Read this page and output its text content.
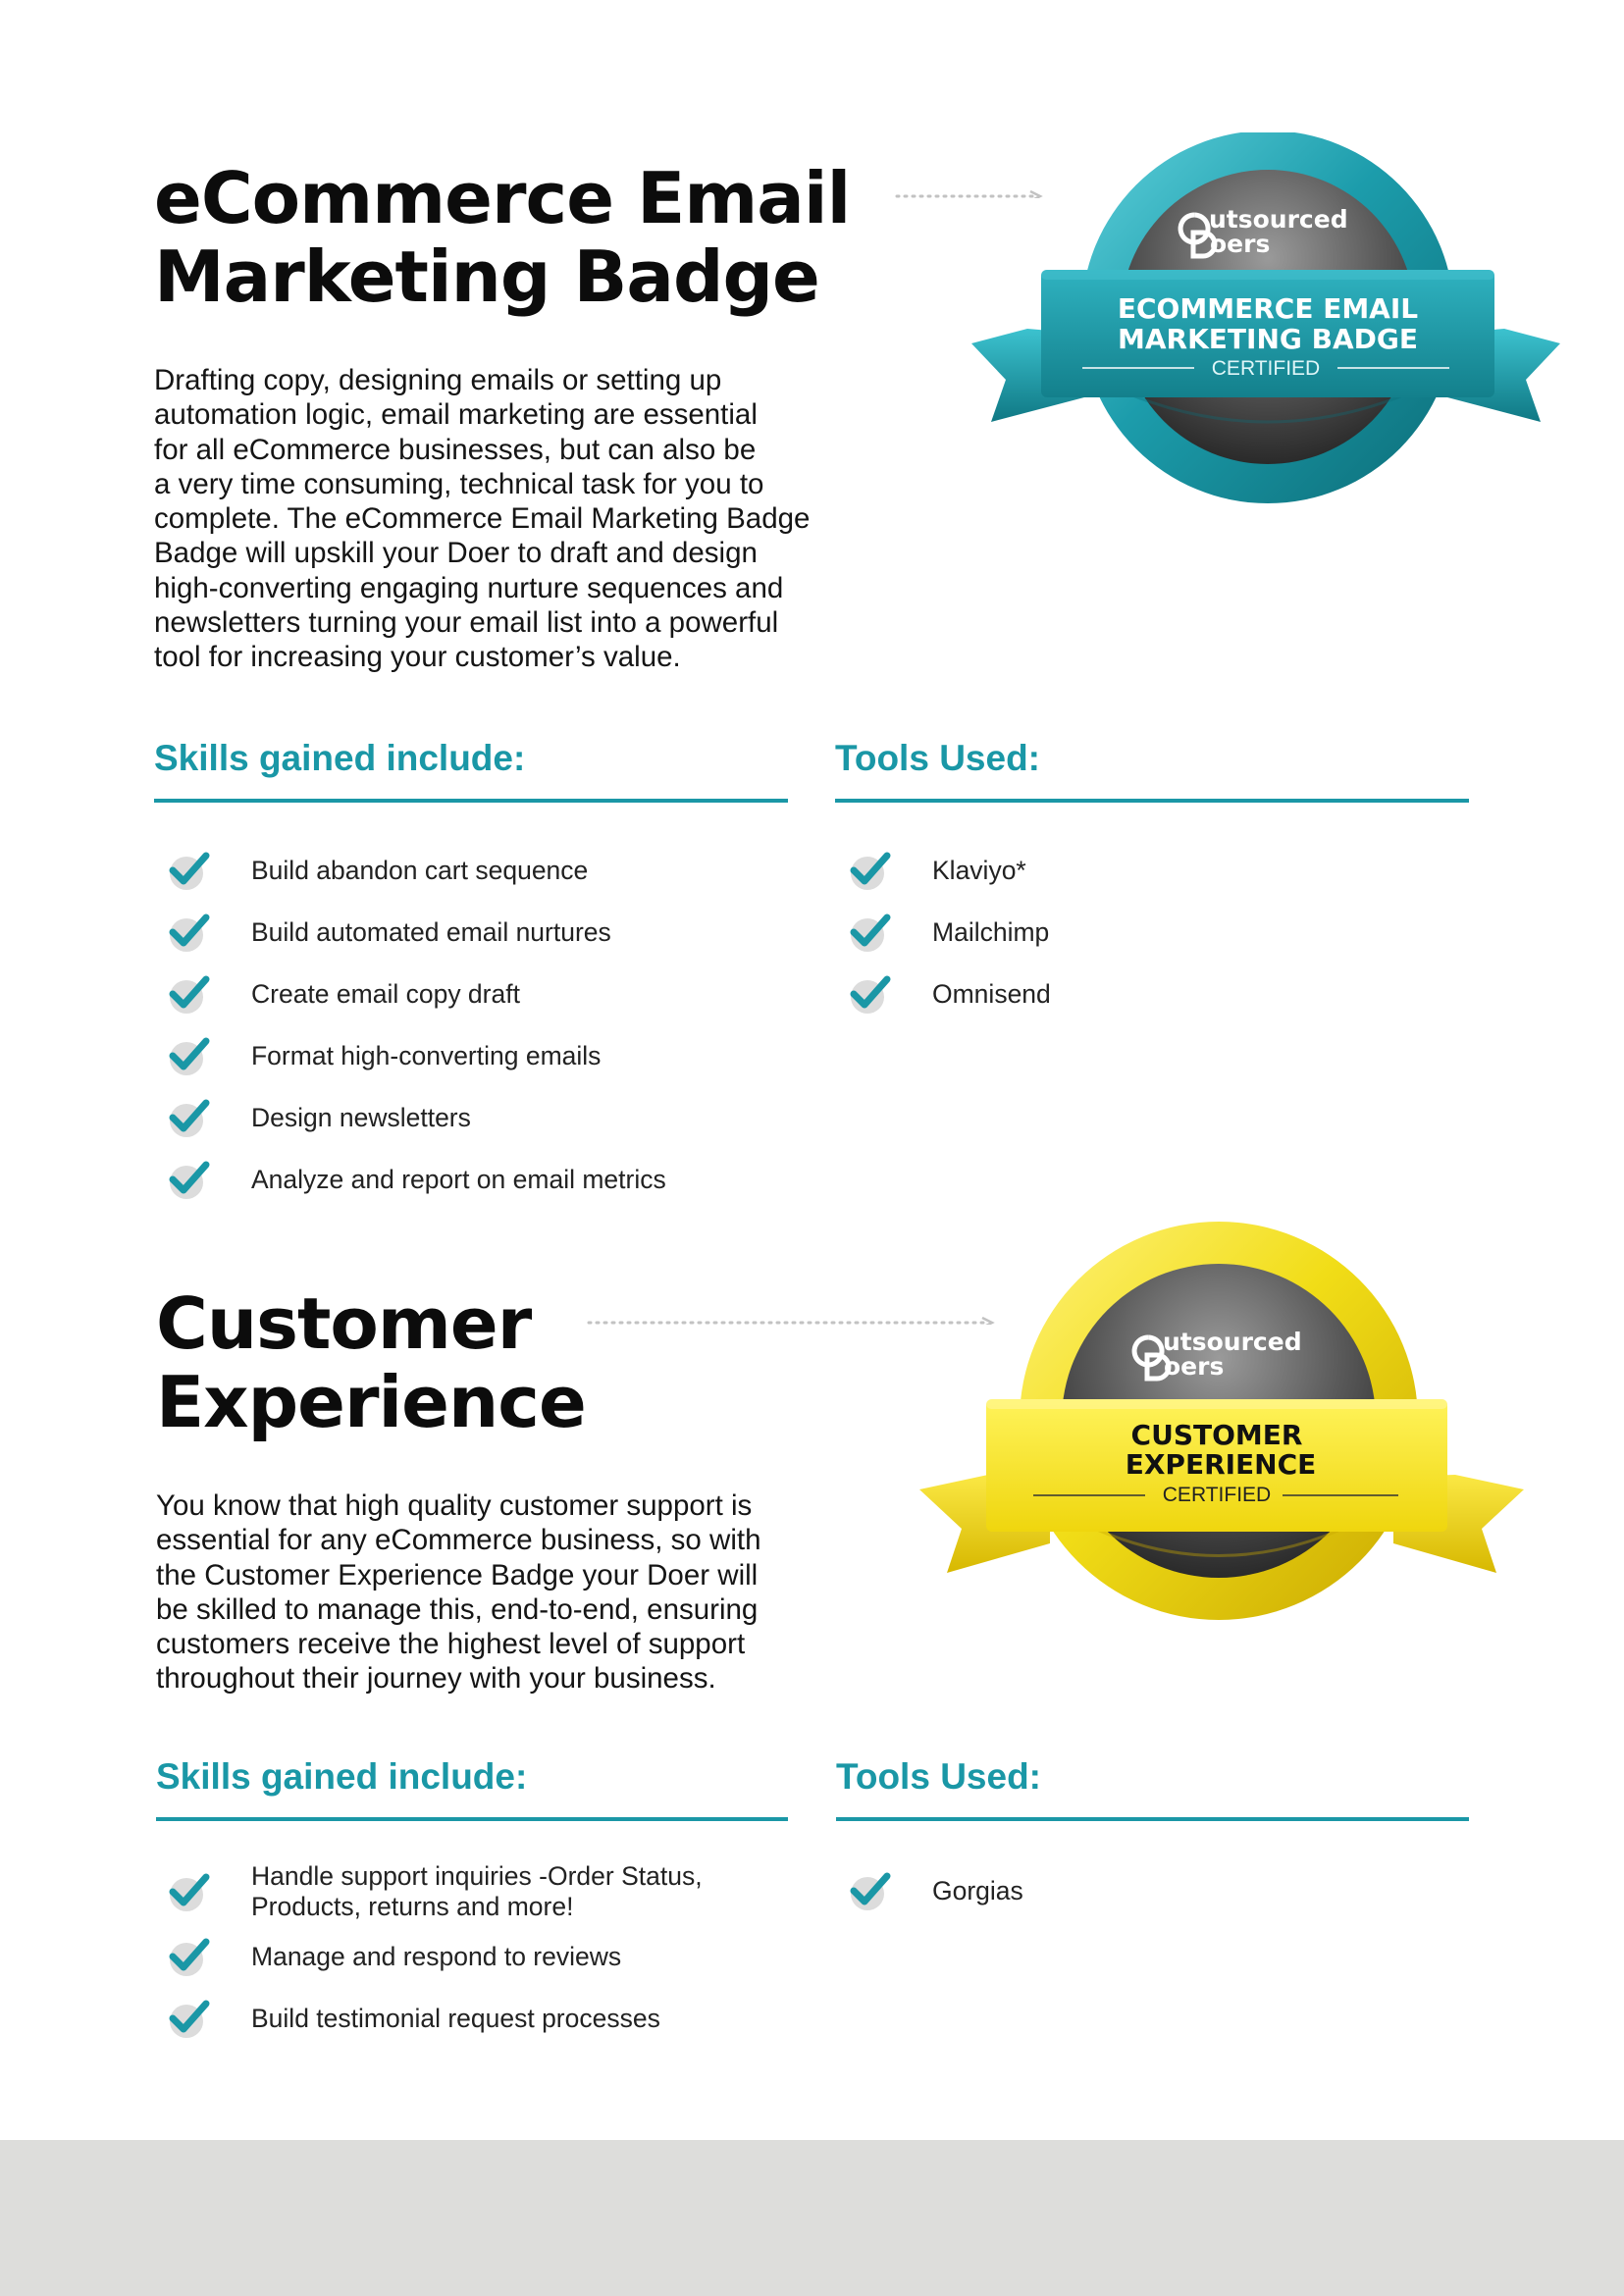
eCommerce Email
Marketing Badge
utsourced
oers
ECOMMERCE EMAIL
MARKETING BADGE
CERTIFIED
Drafting copy, designing emails or setting up
automation logic, email marketing are essential
for all eCommerce businesses, but can also be
a very time consuming, technical task for you to
complete. The eCommerce Email Marketing Badge
Badge will upskill your Doer to draft and design
high-converting engaging nurture sequences and
newsletters turning your email list into a powerful
tool for increasing your customer’s value.
Skills gained include:	Tools Used:
Build abandon cart sequence
Build automated email nurtures
Create email copy draft
Format high-converting emails
Design newsletters
Analyze and report on email metrics
Klaviyo*
Mailchimp
Omnisend
Customer
Experience
utsourced
oers
CUSTOMER
EXPERIENCE
CERTIFIED
You know that high quality customer support is
essential for any eCommerce business, so with
the Customer Experience Badge your Doer will
be skilled to manage this, end-to-end, ensuring
customers receive the highest level of support
throughout their journey with your business.
Skills gained include:	Tools Used:
Handle support inquiries -Order Status,
Products, returns and more!
Manage and respond to reviews
Build testimonial request processes
Gorgias
